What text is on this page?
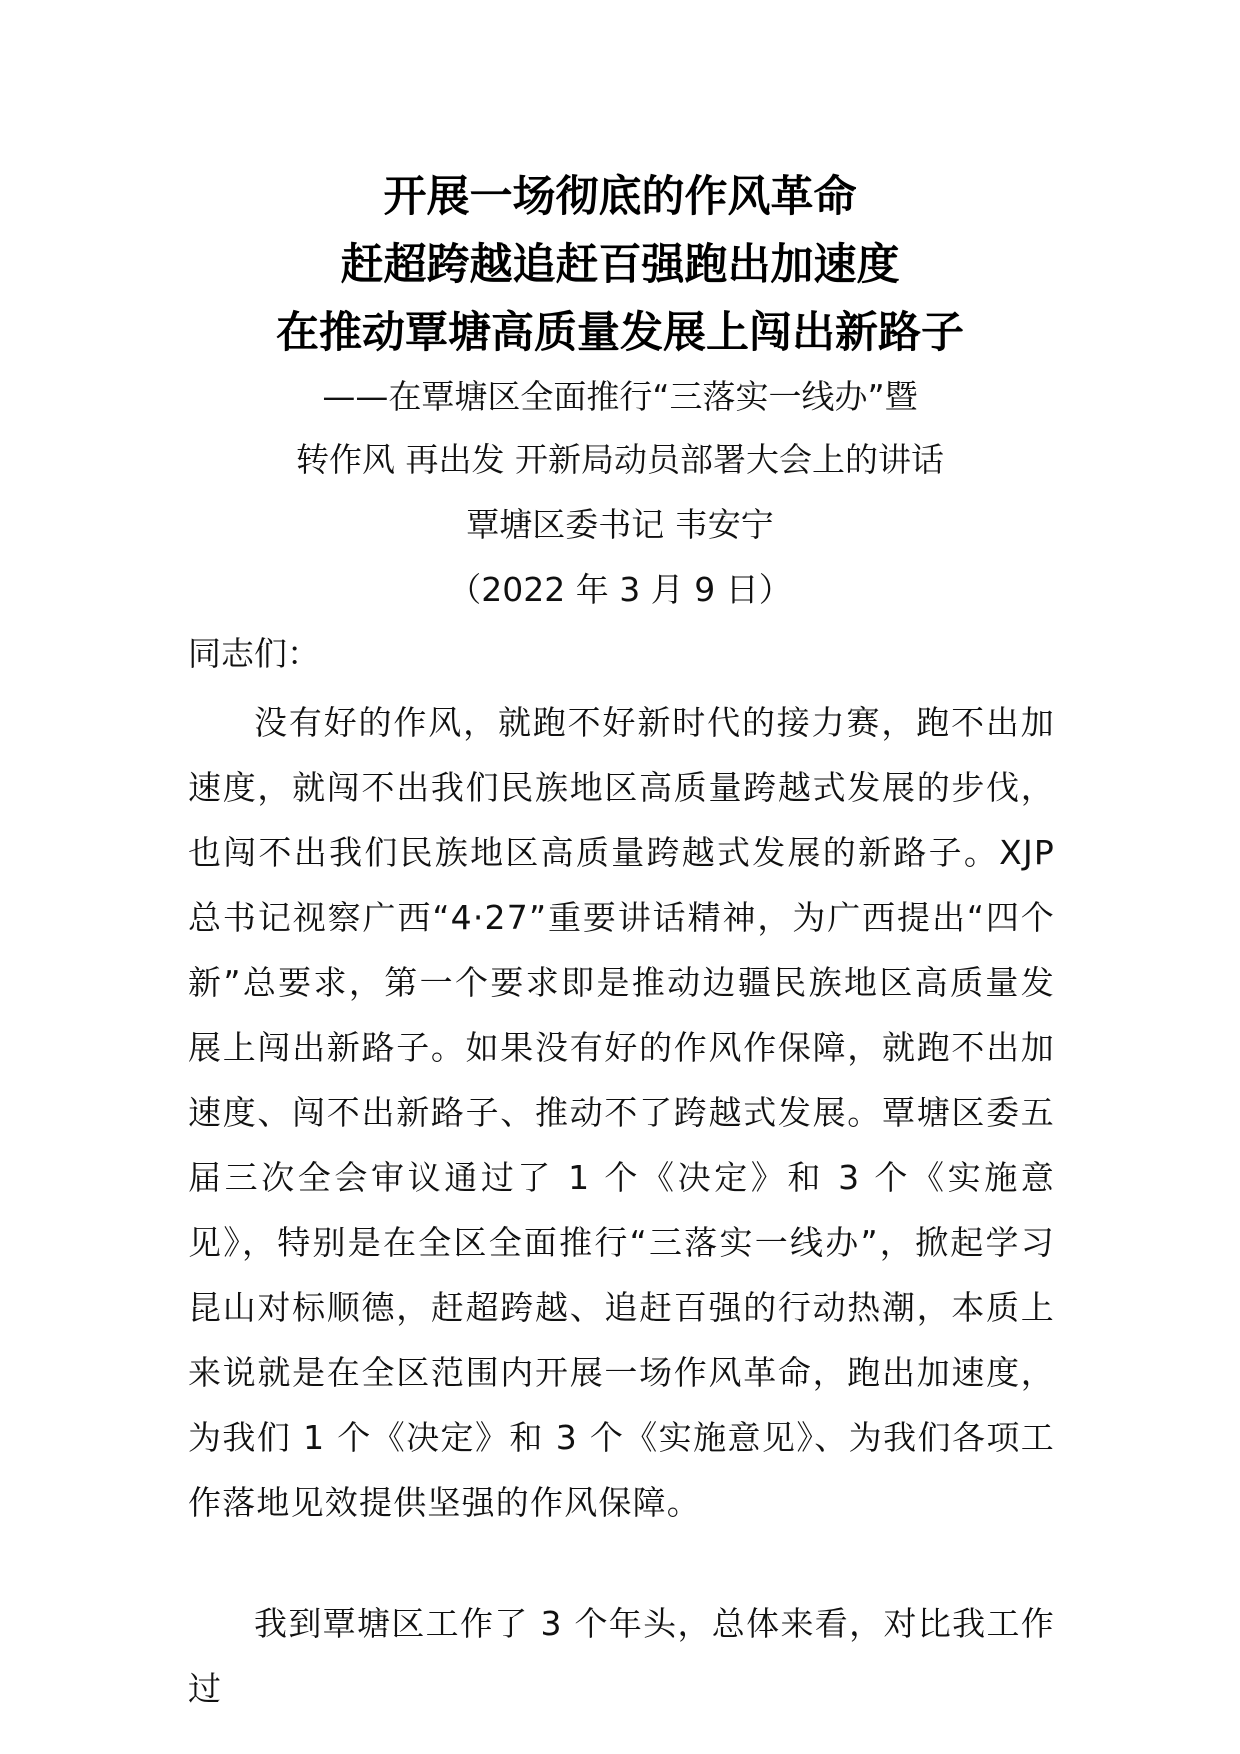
开展一场彻底的作风革命
赶超跨越追赶百强跑出加速度
在推动覃塘高质量发展上闯出新路子
——在覃塘区全面推行“三落实一线办”暨
转作风 再出发 开新局动员部署大会上的讲话
覃塘区委书记 韦安宁
（2022 年 3 月 9 日）
同志们：

没有好的作风，就跑不好新时代的接力赛，跑不出加速度，就闯不出我们民族地区高质量跨越式发展的步伐，也闯不出我们民族地区高质量跨越式发展的新路子。XJP 总书记视察广西“4·27”重要讲话精神，为广西提出“四个新”总要求，第一个要求即是推动边疆民族地区高质量发展上闯出新路子。如果没有好的作风作保障，就跑不出加速度、闯不出新路子、推动不了跨越式发展。覃塘区委五届三次全会审议通过了 1 个《决定》和 3 个《实施意见》，特别是在全区全面推行“三落实一线办”，掀起学习昆山对标顺德，赶超跨越、追赶百强的行动热潮，本质上来说就是在全区范围内开展一场作风革命，跑出加速度，为我们 1 个《决定》和 3 个《实施意见》、为我们各项工作落地见效提供坚强的作风保障。

我到覃塘区工作了 3 个年头，总体来看，对比我工作过
